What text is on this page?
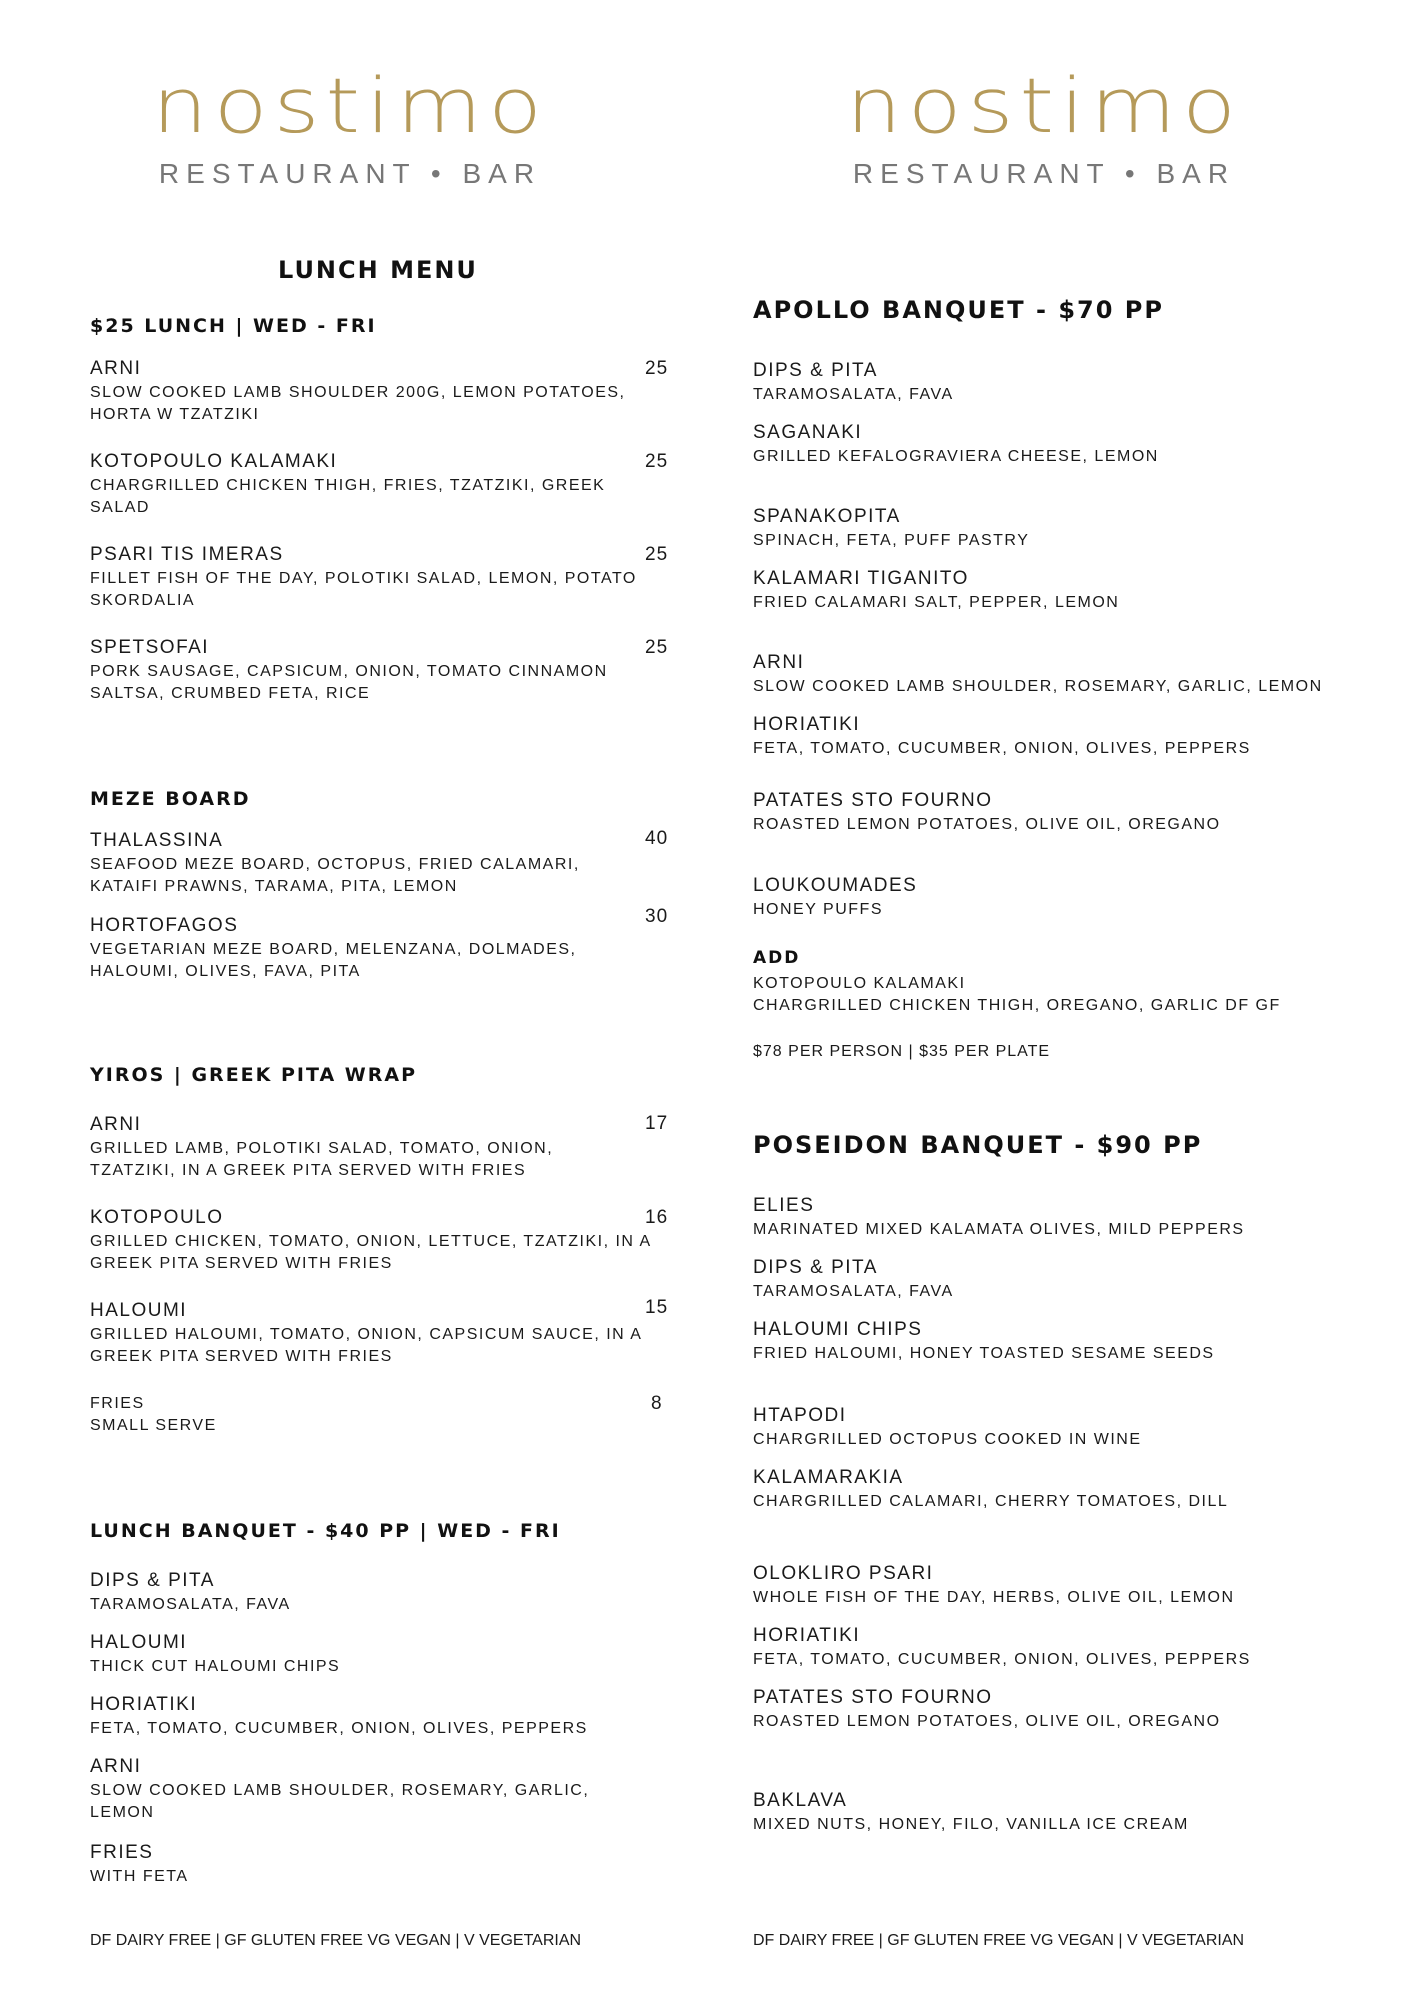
nostimo
RESTAURANT • BAR
nostimo
RESTAURANT • BAR
LUNCH MENU
$25 LUNCH | WED - FRI
ARNI
SLOW COOKED LAMB SHOULDER 200G, LEMON POTATOES, HORTA W TZATZIKI
25
KOTOPOULO KALAMAKI
CHARGRILLED CHICKEN THIGH, FRIES, TZATZIKI, GREEK SALAD
25
PSARI TIS IMERAS
FILLET FISH OF THE DAY, POLOTIKI SALAD, LEMON, POTATO SKORDALIA
25
SPETSOFAI
PORK SAUSAGE, CAPSICUM, ONION, TOMATO CINNAMON SALTSA, CRUMBED FETA, RICE
25
MEZE BOARD
THALASSINA
SEAFOOD MEZE BOARD, OCTOPUS, FRIED CALAMARI, KATAIFI PRAWNS, TARAMA, PITA, LEMON
40
HORTOFAGOS
VEGETARIAN MEZE BOARD, MELENZANA, DOLMADES, HALOUMI, OLIVES, FAVA, PITA
30
YIROS | GREEK PITA WRAP
ARNI
GRILLED LAMB, POLOTIKI SALAD, TOMATO, ONION, TZATZIKI, IN A GREEK PITA SERVED WITH FRIES
17
KOTOPOULO
GRILLED CHICKEN, TOMATO, ONION, LETTUCE, TZATZIKI, IN A GREEK PITA SERVED WITH FRIES
16
HALOUMI
GRILLED HALOUMI, TOMATO, ONION, CAPSICUM SAUCE, IN A GREEK PITA SERVED WITH FRIES
15
FRIES
SMALL SERVE
8
LUNCH BANQUET - $40 PP | WED - FRI
DIPS & PITA
TARAMOSALATA, FAVA
HALOUMI
THICK CUT HALOUMI CHIPS
HORIATIKI
FETA, TOMATO, CUCUMBER, ONION, OLIVES, PEPPERS
ARNI
SLOW COOKED LAMB SHOULDER, ROSEMARY, GARLIC, LEMON
FRIES
WITH FETA
DF DAIRY FREE | GF GLUTEN FREE VG VEGAN | V VEGETARIAN
APOLLO BANQUET - $70 PP
DIPS & PITA
TARAMOSALATA, FAVA
SAGANAKI
GRILLED KEFALOGRAVIERA CHEESE, LEMON
SPANAKOPITA
SPINACH, FETA, PUFF PASTRY
KALAMARI TIGANITO
FRIED CALAMARI SALT, PEPPER, LEMON
ARNI
SLOW COOKED LAMB SHOULDER, ROSEMARY, GARLIC, LEMON
HORIATIKI
FETA, TOMATO, CUCUMBER, ONION, OLIVES, PEPPERS
PATATES STO FOURNO
ROASTED LEMON POTATOES, OLIVE OIL, OREGANO
LOUKOUMADES
HONEY PUFFS
ADD
KOTOPOULO KALAMAKI
CHARGRILLED CHICKEN THIGH, OREGANO, GARLIC DF GF
$78 PER PERSON | $35 PER PLATE
POSEIDON BANQUET - $90 PP
ELIES
MARINATED MIXED KALAMATA OLIVES, MILD PEPPERS
DIPS & PITA
TARAMOSALATA, FAVA
HALOUMI CHIPS
FRIED HALOUMI, HONEY TOASTED SESAME SEEDS
HTAPODI
CHARGRILLED OCTOPUS COOKED IN WINE
KALAMARAKIA
CHARGRILLED CALAMARI, CHERRY TOMATOES, DILL
OLOKLIRO PSARI
WHOLE FISH OF THE DAY, HERBS, OLIVE OIL, LEMON
HORIATIKI
FETA, TOMATO, CUCUMBER, ONION, OLIVES, PEPPERS
PATATES STO FOURNO
ROASTED LEMON POTATOES, OLIVE OIL, OREGANO
BAKLAVA
MIXED NUTS, HONEY, FILO, VANILLA ICE CREAM
DF DAIRY FREE | GF GLUTEN FREE VG VEGAN | V VEGETARIAN
